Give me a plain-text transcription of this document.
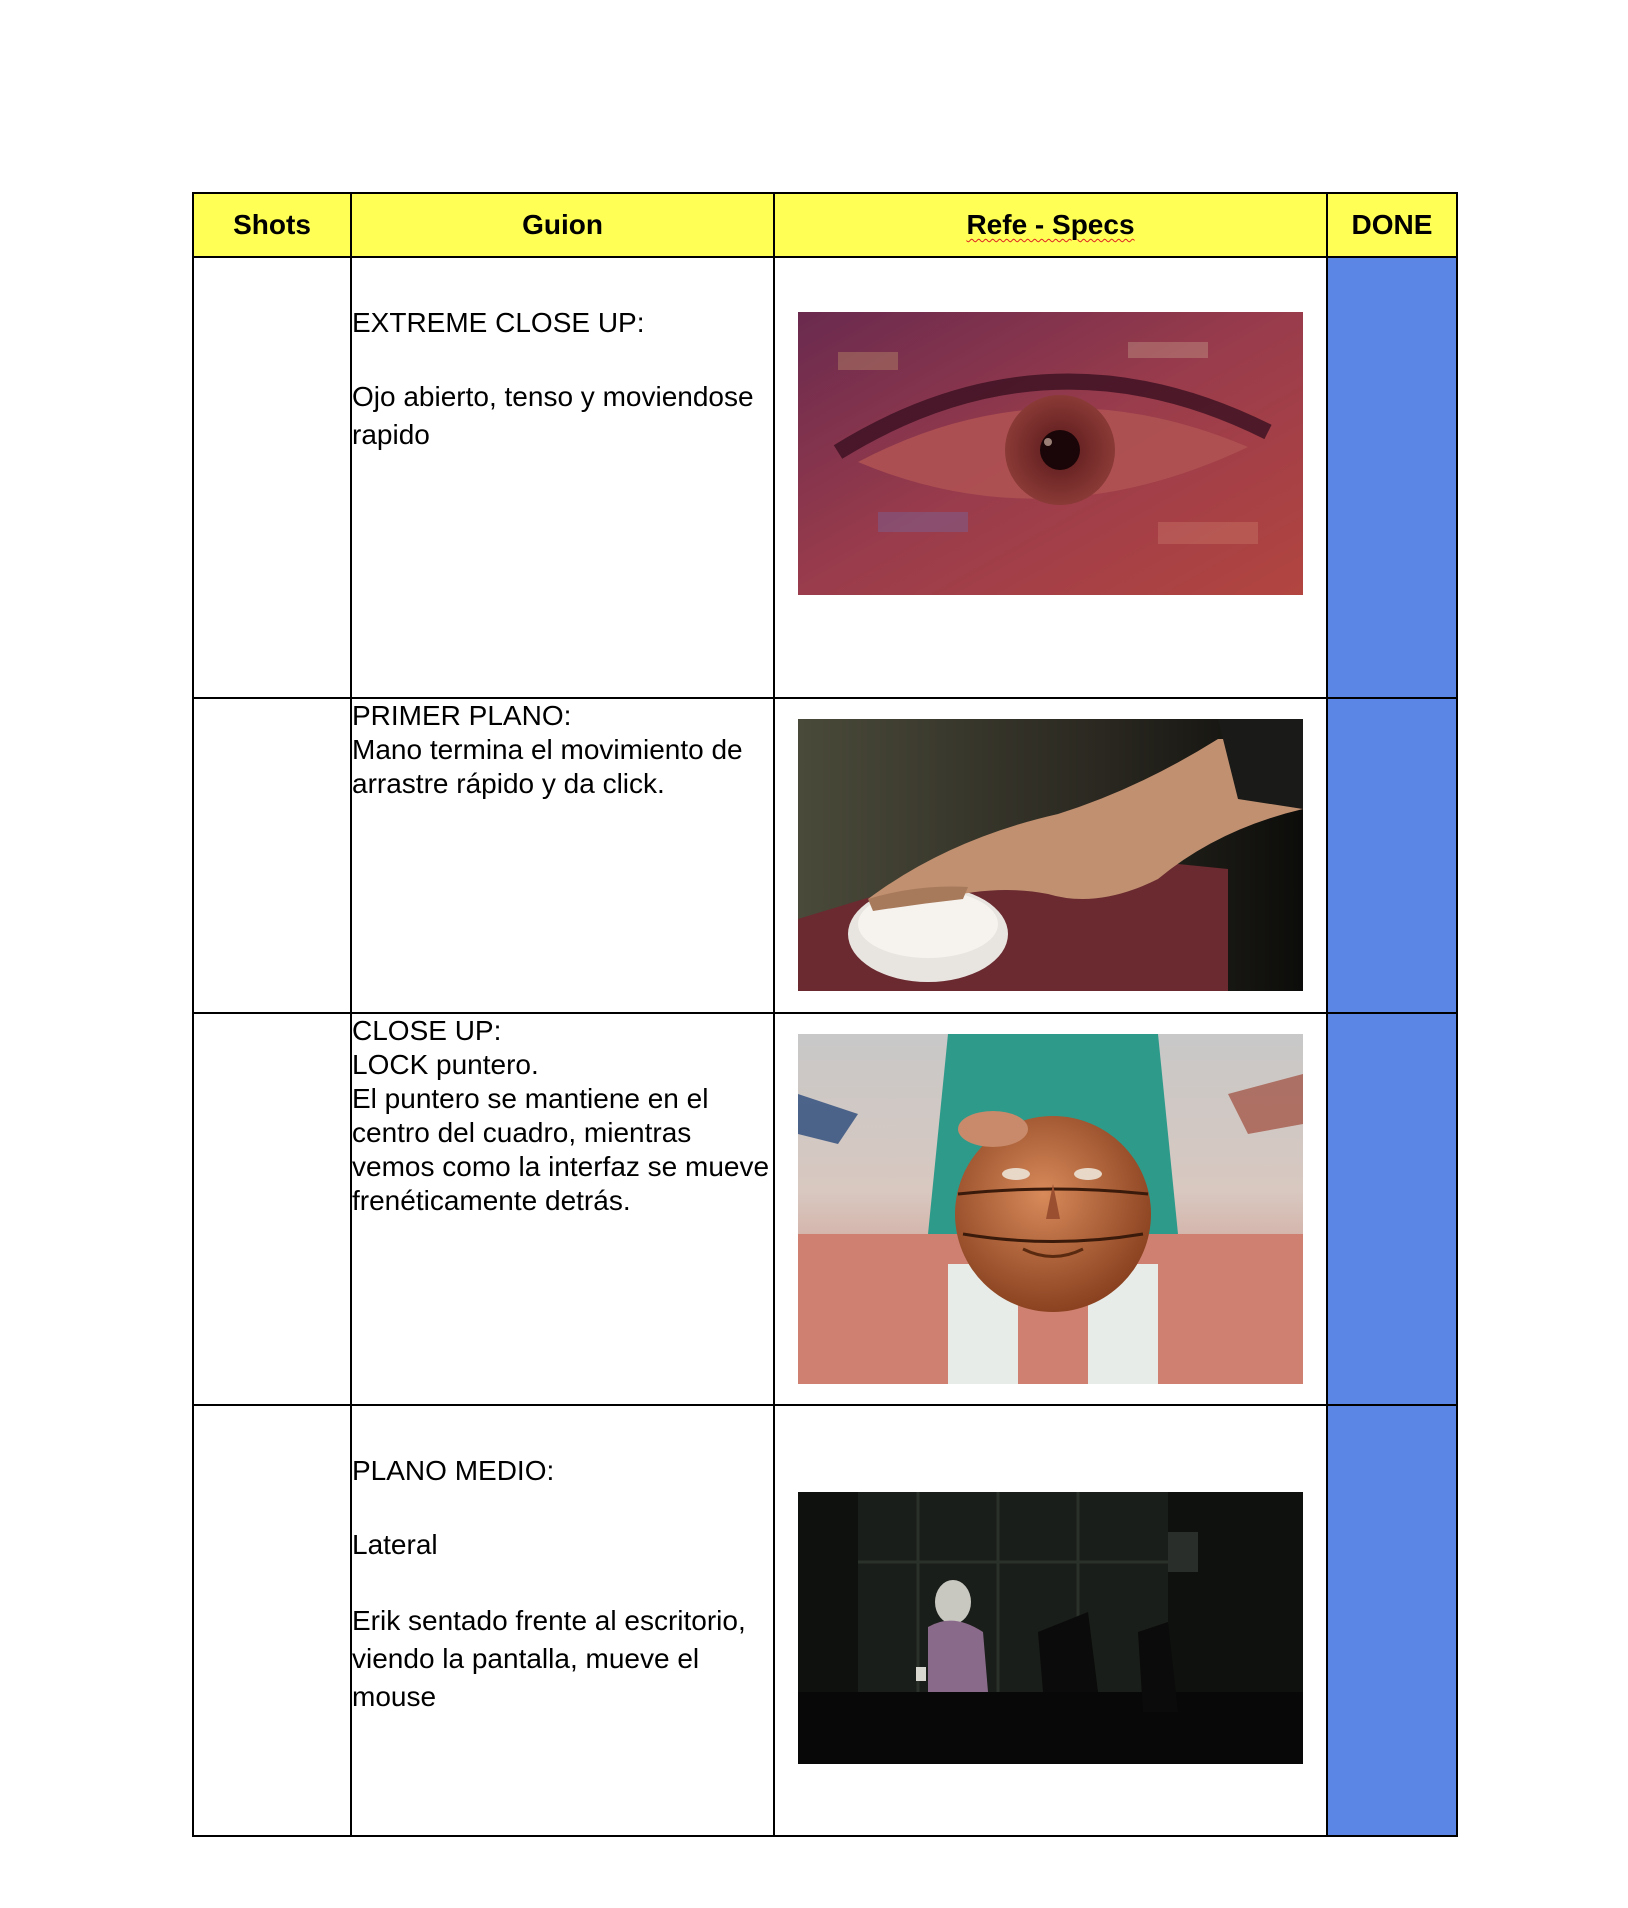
Shots	Guion	Refe - Specs	DONE

	EXTREME CLOSE UP:

Ojo abierto, tenso y moviendose rapido

	PRIMER PLANO:

Mano termina el movimiento de arrastre rápido y da click.

	CLOSE UP:

LOCK puntero.

El puntero se mantiene en el centro del cuadro, mientras vemos como la interfaz se mueve frenéticamente detrás.

	PLANO MEDIO:

Lateral

Erik sentado frente al escritorio, viendo la pantalla, mueve el mouse
